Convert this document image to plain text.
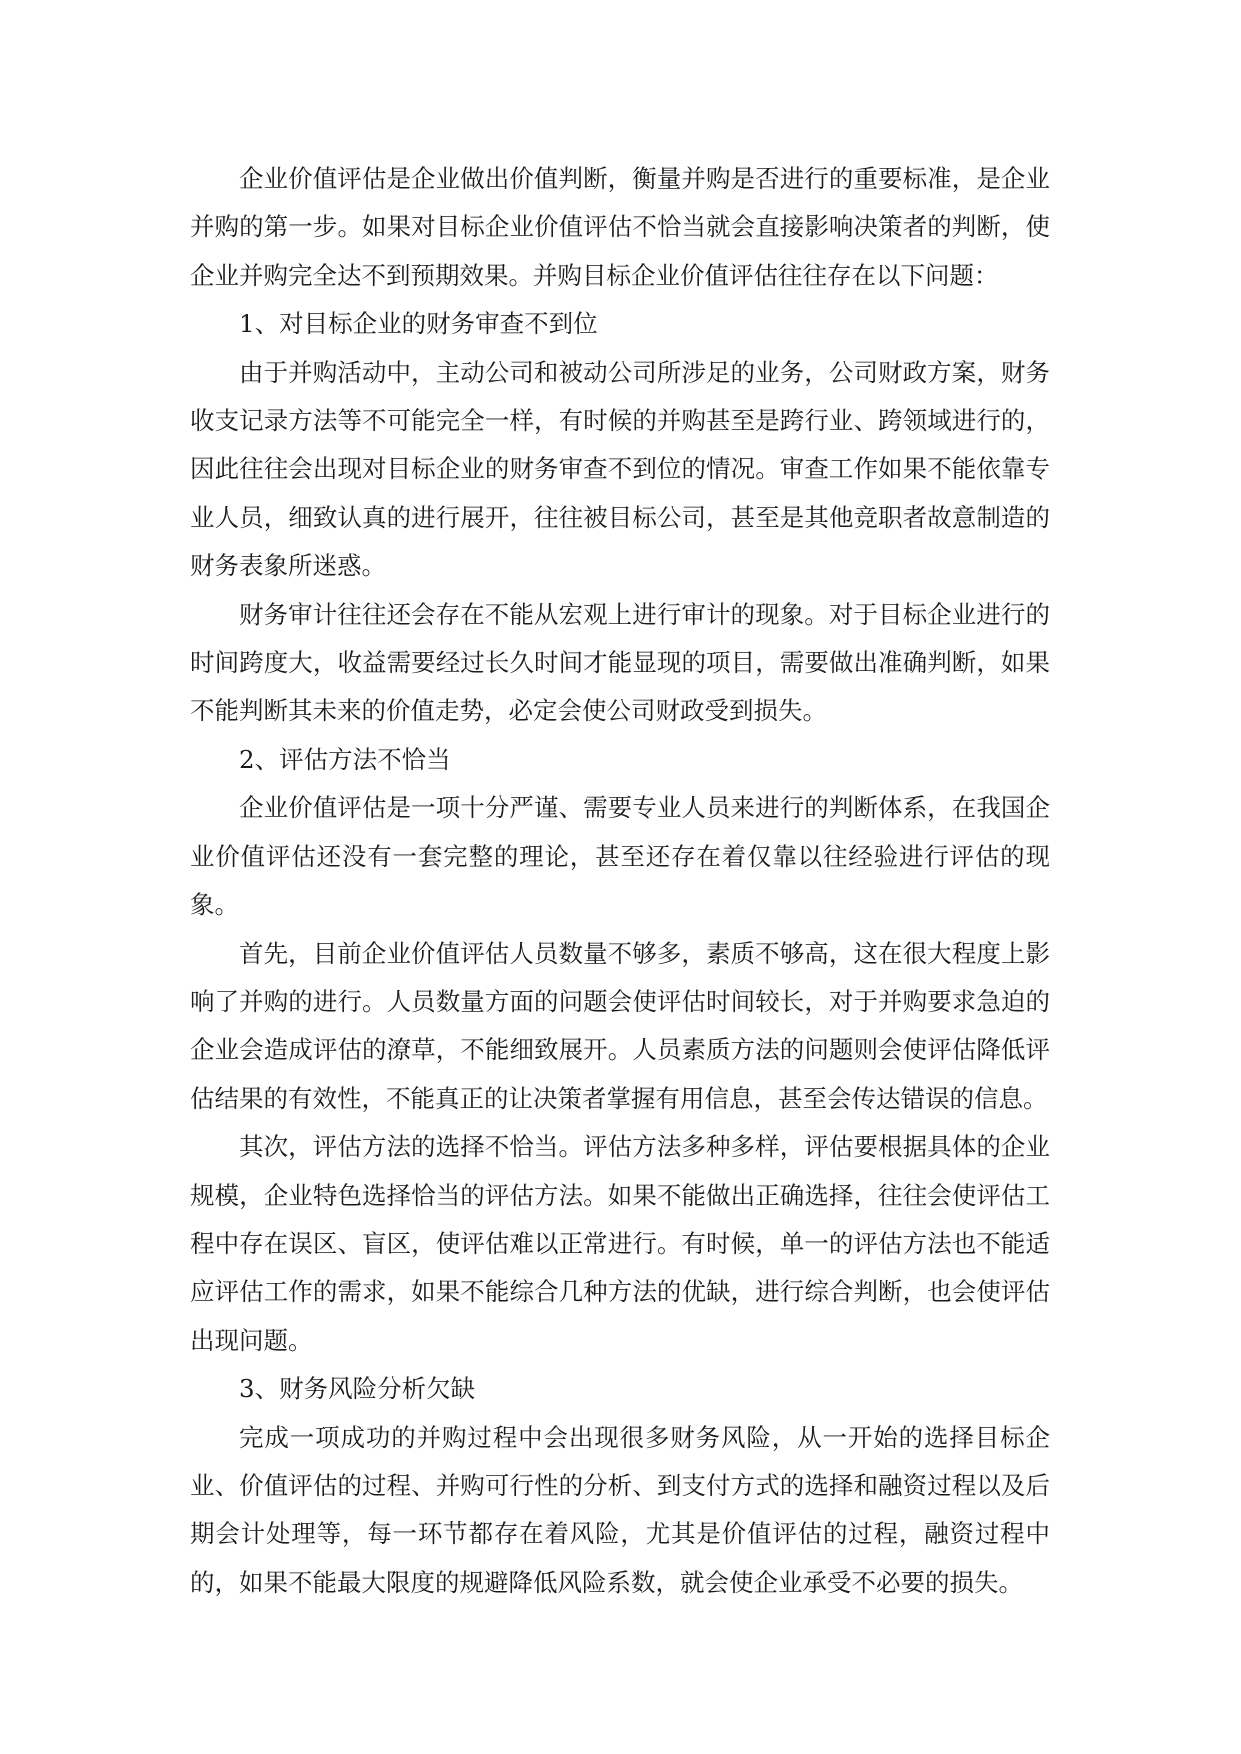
企业价值评估是企业做出价值判断，衡量并购是否进行的重要标准，是企业并购的第一步。如果对目标企业价值评估不恰当就会直接影响决策者的判断，使企业并购完全达不到预期效果。并购目标企业价值评估往往存在以下问题：

1、对目标企业的财务审查不到位

由于并购活动中，主动公司和被动公司所涉足的业务，公司财政方案，财务收支记录方法等不可能完全一样，有时候的并购甚至是跨行业、跨领域进行的，因此往往会出现对目标企业的财务审查不到位的情况。审查工作如果不能依靠专业人员，细致认真的进行展开，往往被目标公司，甚至是其他竞职者故意制造的财务表象所迷惑。

财务审计往往还会存在不能从宏观上进行审计的现象。对于目标企业进行的时间跨度大，收益需要经过长久时间才能显现的项目，需要做出准确判断，如果不能判断其未来的价值走势，必定会使公司财政受到损失。

2、评估方法不恰当

企业价值评估是一项十分严谨、需要专业人员来进行的判断体系，在我国企业价值评估还没有一套完整的理论，甚至还存在着仅靠以往经验进行评估的现象。

首先，目前企业价值评估人员数量不够多，素质不够高，这在很大程度上影响了并购的进行。人员数量方面的问题会使评估时间较长，对于并购要求急迫的企业会造成评估的潦草，不能细致展开。人员素质方法的问题则会使评估降低评估结果的有效性，不能真正的让决策者掌握有用信息，甚至会传达错误的信息。

其次，评估方法的选择不恰当。评估方法多种多样，评估要根据具体的企业规模，企业特色选择恰当的评估方法。如果不能做出正确选择，往往会使评估工程中存在误区、盲区，使评估难以正常进行。有时候，单一的评估方法也不能适应评估工作的需求，如果不能综合几种方法的优缺，进行综合判断，也会使评估出现问题。

3、财务风险分析欠缺

完成一项成功的并购过程中会出现很多财务风险，从一开始的选择目标企业、价值评估的过程、并购可行性的分析、到支付方式的选择和融资过程以及后期会计处理等，每一环节都存在着风险，尤其是价值评估的过程，融资过程中的，如果不能最大限度的规避降低风险系数，就会使企业承受不必要的损失。
